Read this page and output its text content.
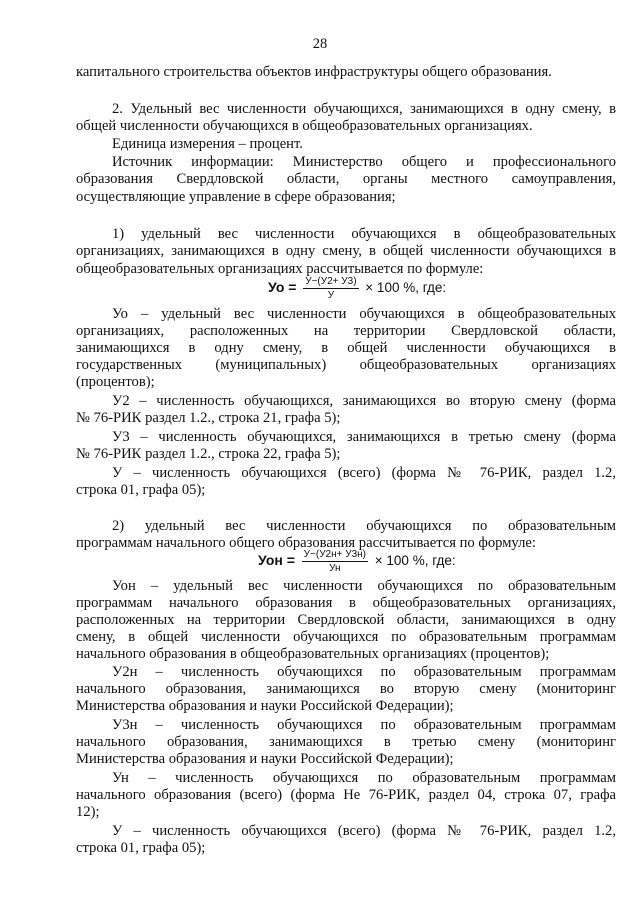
28
капитального строительства объектов инфраструктуры общего образования.
2. Удельный вес численности обучающихся, занимающихся в одну смену, в
общей численности обучающихся в общеобразовательных организациях.
Единица измерения – процент.
Источник информации: Министерство общего и профессионального
образования Свердловской области, органы местного самоуправления,
осуществляющие управление в сфере образования;
1) удельный вес численности обучающихся в общеобразовательных
организациях, занимающихся в одну смену, в общей численности обучающихся в
общеобразовательных организациях рассчитывается по формуле:
Уо = $\frac{У-(У2+ У3)}{У} \times 100$ %, где:
Уо – удельный вес численности обучающихся в общеобразовательных
организациях, расположенных на территории Свердловской области,
занимающихся в одну смену, в общей численности обучающихся в
государственных (муниципальных) общеобразовательных организациях
(процентов);
У2 – численность обучающихся, занимающихся во вторую смену (форма
№ 76-РИК раздел 1.2., строка 21, графа 5);
У3 – численность обучающихся, занимающихся в третью смену (форма
№ 76-РИК раздел 1.2., строка 22, графа 5);
У – численность обучающихся (всего) (форма № 76-РИК, раздел 1.2,
строка 01, графа 05);
2) удельный вес численности обучающихся по образовательным
программам начального общего образования рассчитывается по формуле:
Уон = $\frac{У-(У2н+ У3н)}{Ун} \times 100$ %, где:
Уон – удельный вес численности обучающихся по образовательным
программам начального образования в общеобразовательных организациях,
расположенных на территории Свердловской области, занимающихся в одну
смену, в общей численности обучающихся по образовательным программам
начального образования в общеобразовательных организациях (процентов);
У2н – численность обучающихся по образовательным программам
начального образования, занимающихся во вторую смену (мониторинг
Министерства образования и науки Российской Федерации);
У3н – численность обучающихся по образовательным программам
начального образования, занимающихся в третью смену (мониторинг
Министерства образования и науки Российской Федерации);
Ун – численность обучающихся по образовательным программам
начального образования (всего) (форма Не 76-РИК, раздел 04, строка 07, графа
12);
У – численность обучающихся (всего) (форма № 76-РИК, раздел 1.2,
строка 01, графа 05);
